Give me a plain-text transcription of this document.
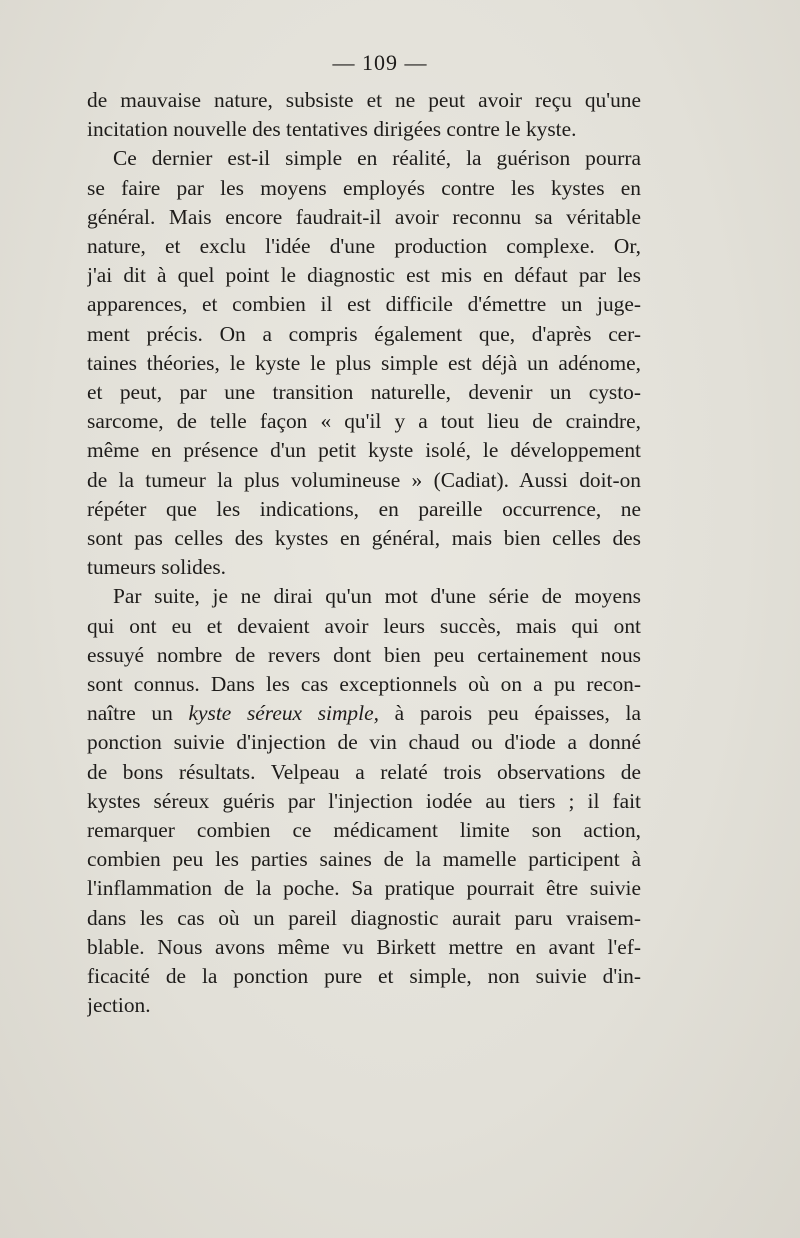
— 109 —
de mauvaise nature, subsiste et ne peut avoir reçu qu'une
incitation nouvelle des tentatives dirigées contre le kyste.
Ce dernier est-il simple en réalité, la guérison pourra
se faire par les moyens employés contre les kystes en
général. Mais encore faudrait-il avoir reconnu sa véritable
nature, et exclu l'idée d'une production complexe. Or,
j'ai dit à quel point le diagnostic est mis en défaut par les
apparences, et combien il est difficile d'émettre un juge-
ment précis. On a compris également que, d'après cer-
taines théories, le kyste le plus simple est déjà un adénome,
et peut, par une transition naturelle, devenir un cysto-
sarcome, de telle façon « qu'il y a tout lieu de craindre,
même en présence d'un petit kyste isolé, le développement
de la tumeur la plus volumineuse » (Cadiat). Aussi doit-on
répéter que les indications, en pareille occurrence, ne
sont pas celles des kystes en général, mais bien celles des
tumeurs solides.
Par suite, je ne dirai qu'un mot d'une série de moyens
qui ont eu et devaient avoir leurs succès, mais qui ont
essuyé nombre de revers dont bien peu certainement nous
sont connus. Dans les cas exceptionnels où on a pu recon-
naître un kyste séreux simple, à parois peu épaisses, la
ponction suivie d'injection de vin chaud ou d'iode a donné
de bons résultats. Velpeau a relaté trois observations de
kystes séreux guéris par l'injection iodée au tiers ; il fait
remarquer combien ce médicament limite son action,
combien peu les parties saines de la mamelle participent à
l'inflammation de la poche. Sa pratique pourrait être suivie
dans les cas où un pareil diagnostic aurait paru vraisem-
blable. Nous avons même vu Birkett mettre en avant l'ef-
ficacité de la ponction pure et simple, non suivie d'in-
jection.
